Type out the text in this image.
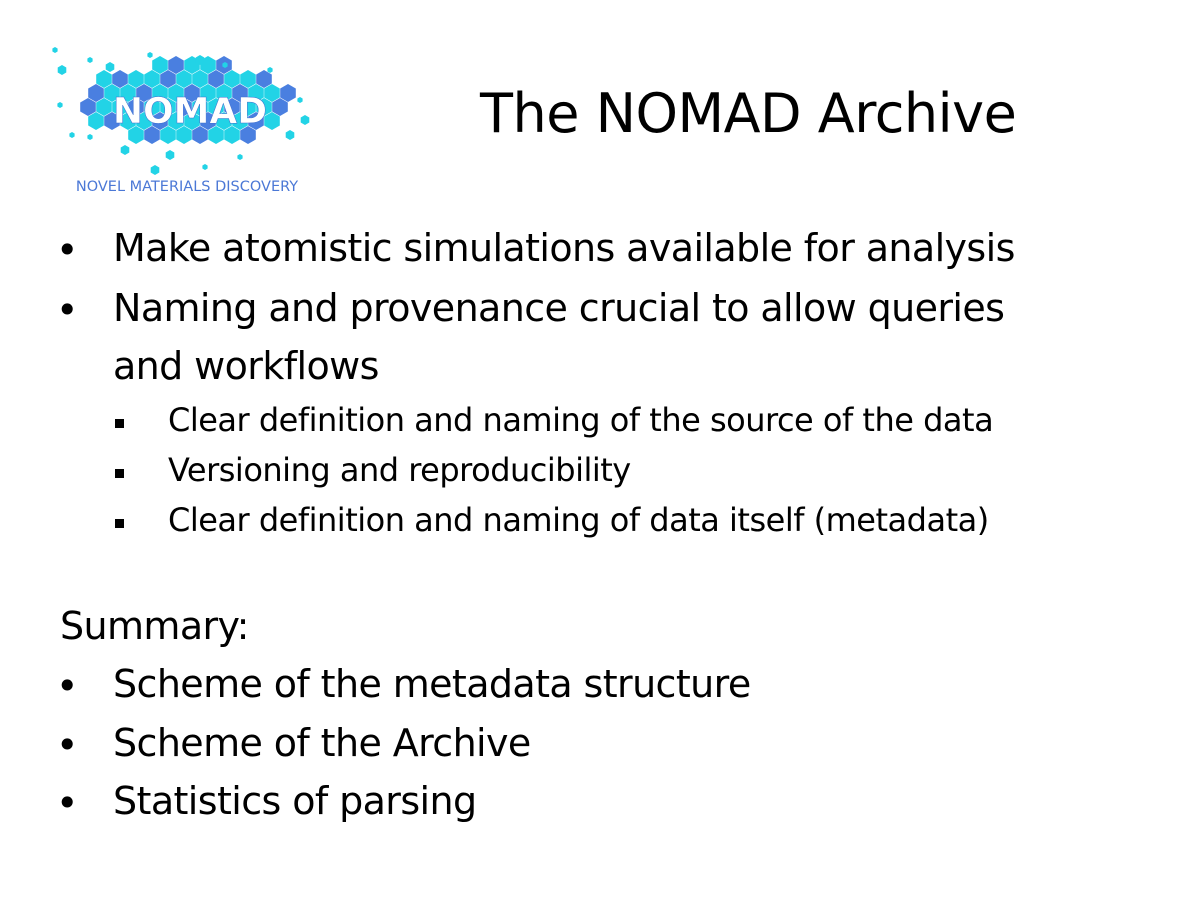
NOMAD
NOVEL MATERIALS DISCOVERY
The NOMAD Archive
• Make atomistic simulations available for analysis
• Naming and provenance crucial to allow queries
and workflows
Clear definition and naming of the source of the data
Versioning and reproducibility
Clear definition and naming of data itself (metadata)
Summary:
• Scheme of the metadata structure
• Scheme of the Archive
• Statistics of parsing
